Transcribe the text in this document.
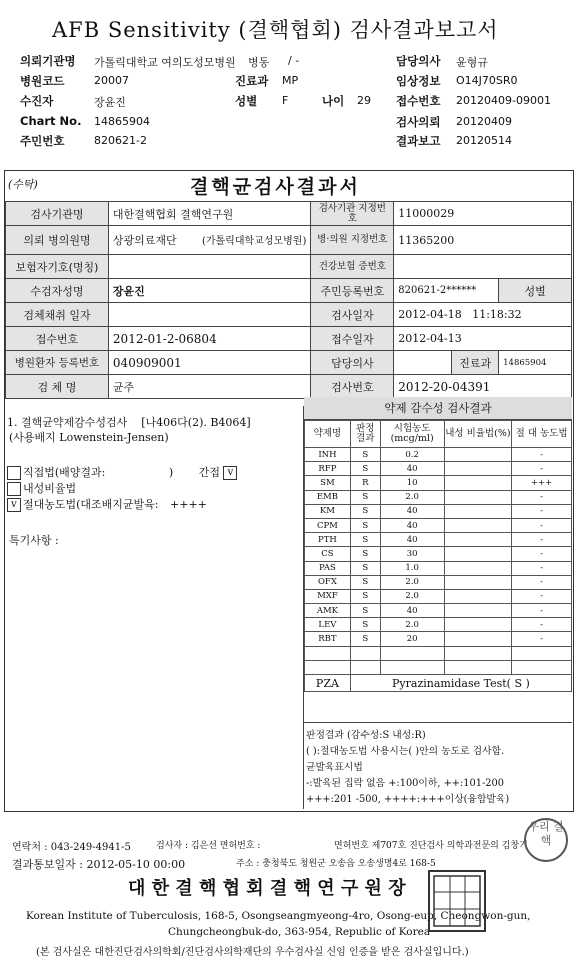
AFB Sensitivity (결핵협회) 검사결과보고서
의뢰기관명 가톨릭대학교 여의도성모병원 병동 / -
병원코드	20007	진료과 MP
수진자	장윤진	성별 F	나이 29
Chart No. 14865904
주민번호	820621-2
담당의사 윤형규
임상정보 O14J70SR0
접수번호 20120409-09001
검사의뢰 20120409
결과보고 20120514
(수탁)	결핵균검사결과서
검사기관명	대한결핵협회 결핵연구원	검사기관 지정번호	11000029		
의뢰 병의원명	상광의료재단 (가톨릭대학교성모병원)	병·의원 지정번호	11365200		
보험자기호(명칭)		건강보험 증번호			
수검자성명	장윤진	주민등록번호	820621-2******		성별
검체채취 일자		검사일자	2012-04-18 11:18:32		
접수번호	2012-01-2-06804	접수일자	2012-04-13		
병원환자 등록번호	040909001	담당의사		진료과	14865904
검 체 명	균주	검사번호	2012-20-04391		
1. 결핵균약제감수성검사    [나406다(2). B4064]
(사용배지 Lowenstein-Jensen)
직접법(배양결과:	) 간접 v
내성비율법
v 절대농도법(대조배지균발육: ++++
특기사항 :
약제 감수성 검사결과
약제명	판정 결과	시험농도 (mcg/ml)	내성 비율법(%)	절 대 농도법
INH	S	0.2		-
RFP	S	40		-
SM	R	10		+++
EMB	S	2.0		-
KM	S	40		-
CPM	S	40		-
PTH	S	40		-
CS	S	30		-
PAS	S	1.0		-
OFX	S	2.0		-
MXF	S	2.0		-
AMK	S	40		-
LEV	S	2.0		-
RBT	S	20		-

PZA	Pyrazinamidase Test( S )			
판정결과 (감수성:S 내성:R)
( ):절대농도법 사용시는( )안의 농도로 검사함.
균발육표시법
-:발육된 집락 없음 +:100이하, ++:101-200
+++:201 -500, ++++:+++이상(융합발육)
연락처 : 043-249-4941-5	검사자 : 김은선 면허번호 :	면허번호 제707호 진단검사 의학과전문의 김창기
결과통보일자 : 2012-05-10 00:00	주소 : 충청북도 청원군 오송읍 오송생명4로 168-5
대 한 결 핵 협 회 결 핵 연 구 원 장
Korean Institute of Tuberculosis, 168-5, Osongseangmyeong-4ro, Osong-eup, Cheongwon-gun,
Chungcheongbuk-do, 363-954, Republic of Korea
(본 검사실은 대한진단검사의학회/진단검사의학재단의 우수검사실 신임 인증을 받은 검사실입니다.)
우리 결핵
